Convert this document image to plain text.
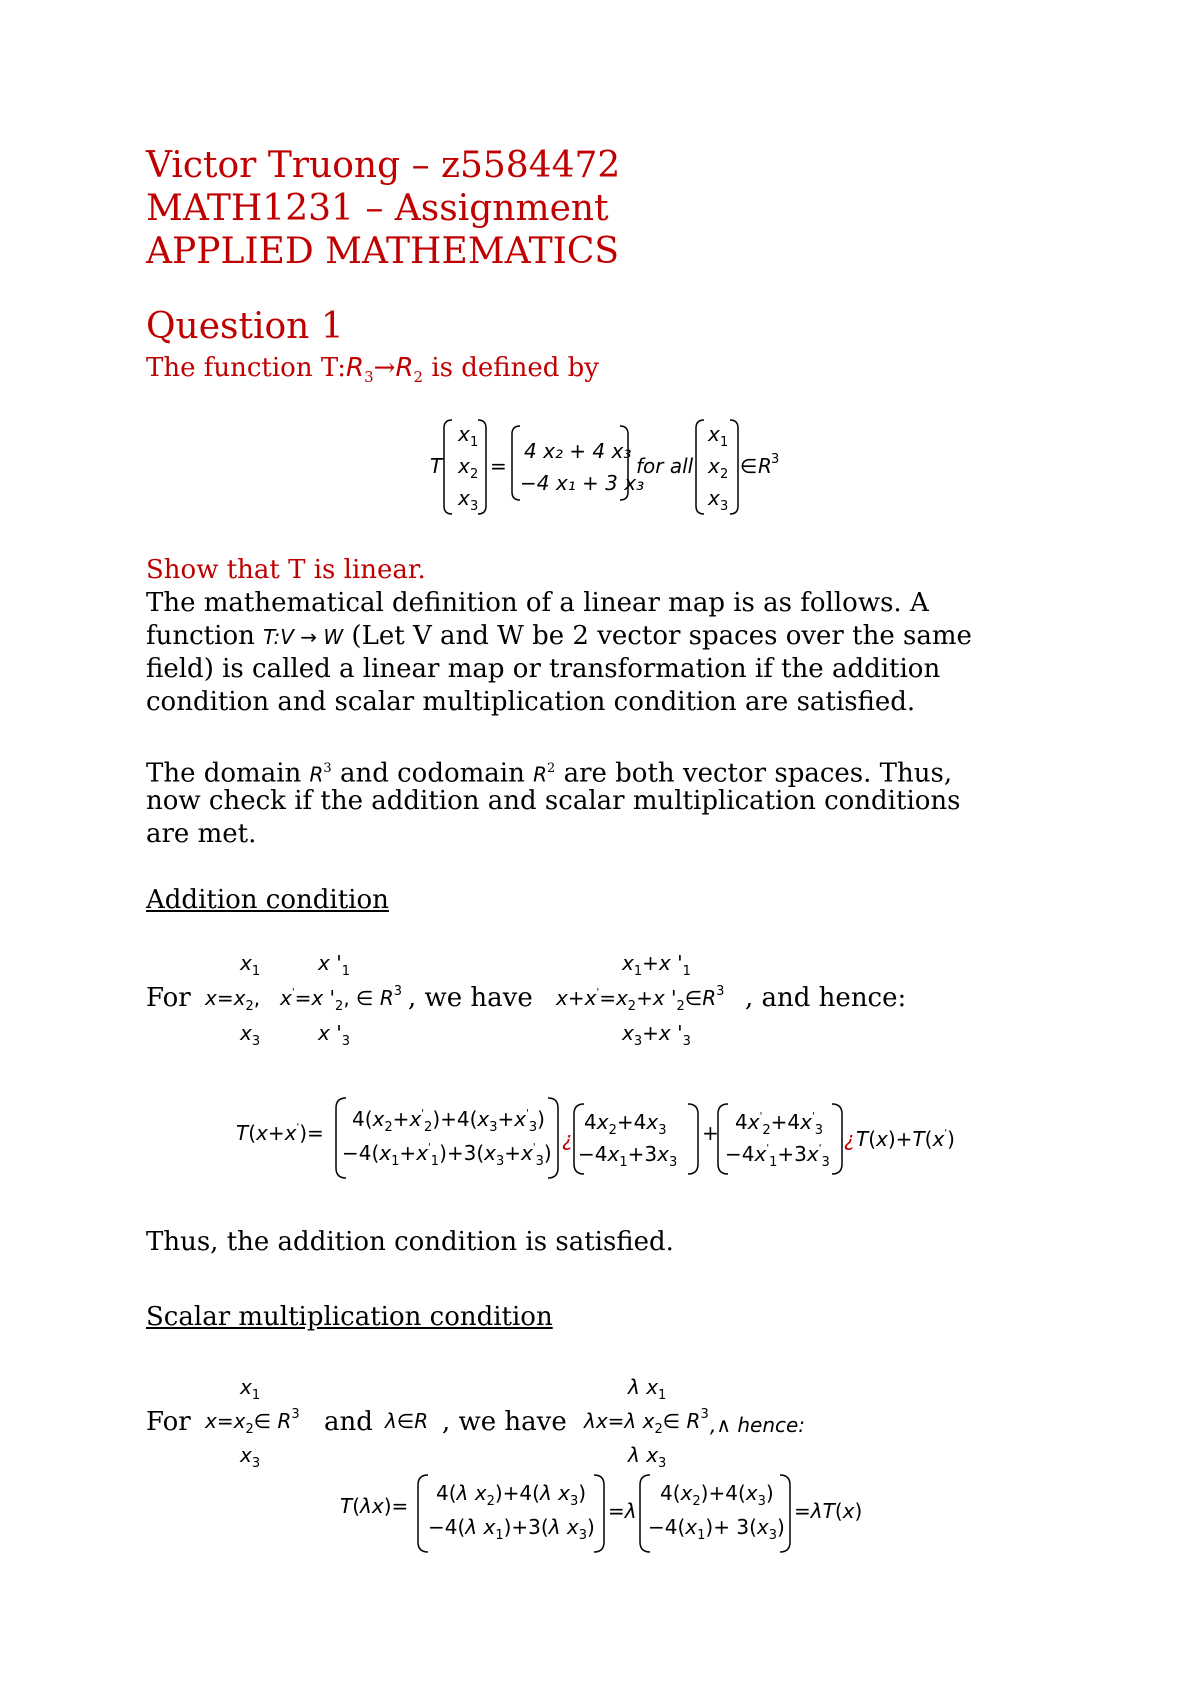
Victor Truong – z5584472
MATH1231 – Assignment
APPLIED MATHEMATICS
Question 1
The function $T:R_3\to R_2$ is defined by
T
x 1
x 2
x 3
=
4 x₂ + 4 x₃
−4 x₁ + 3 x₃
for all
x 1
x 2
x 3
∈ R 3
Show that T is linear.
The mathematical definition of a linear map is as follows. A
function T:V → W (Let V and W be 2 vector spaces over the same
field) is called a linear map or transformation if the addition
condition and scalar multiplication condition are satisfied.
The domain $R^3$ and codomain $R^2$ are both vector spaces. Thus,
now check if the addition and scalar multiplication conditions
are met.
Addition condition
For
$x_1$
$x=x_2$,
$x_3$
x '$_1$
x'=x '$_2$, ∈ $R^3$
x '$_3$
, we have
$x_1+x$ '$_1$
$x+x'=x_2+x$ '$_2\in R^3$
$x_3+x$ '$_3$
, and hence:
T(x+x')=
$4(x_2+x'_2)+4(x_3+x'_3)$
$-4(x_1+x'_1)+3(x_3+x'_3)$
¿
$4x_2+4x_3$
$-4x_1+3x_3$
+ $4x'_2+4x'_3$
$-4x'_1+3x'_3$
¿ T(x)+T(x')
Thus, the addition condition is satisfied.
Scalar multiplication condition
For
$x_1$
$x=x_2\in$ $R^3$
$x_3$
and λ∈R
λ $x_1$
λx=λ $x_2\in$ $R^3$
λ $x_3$
, we have	,∧ hence:
T(λx)=
4(λ $x_2)+4(\lambda$ $x_3$)
−4(λ $x_1)+3(\lambda$ $x_3$)
=λ
$4(x_2)+4(x_3)$
$-4(x_1)+ 3(x_3)$
=λT(x)
